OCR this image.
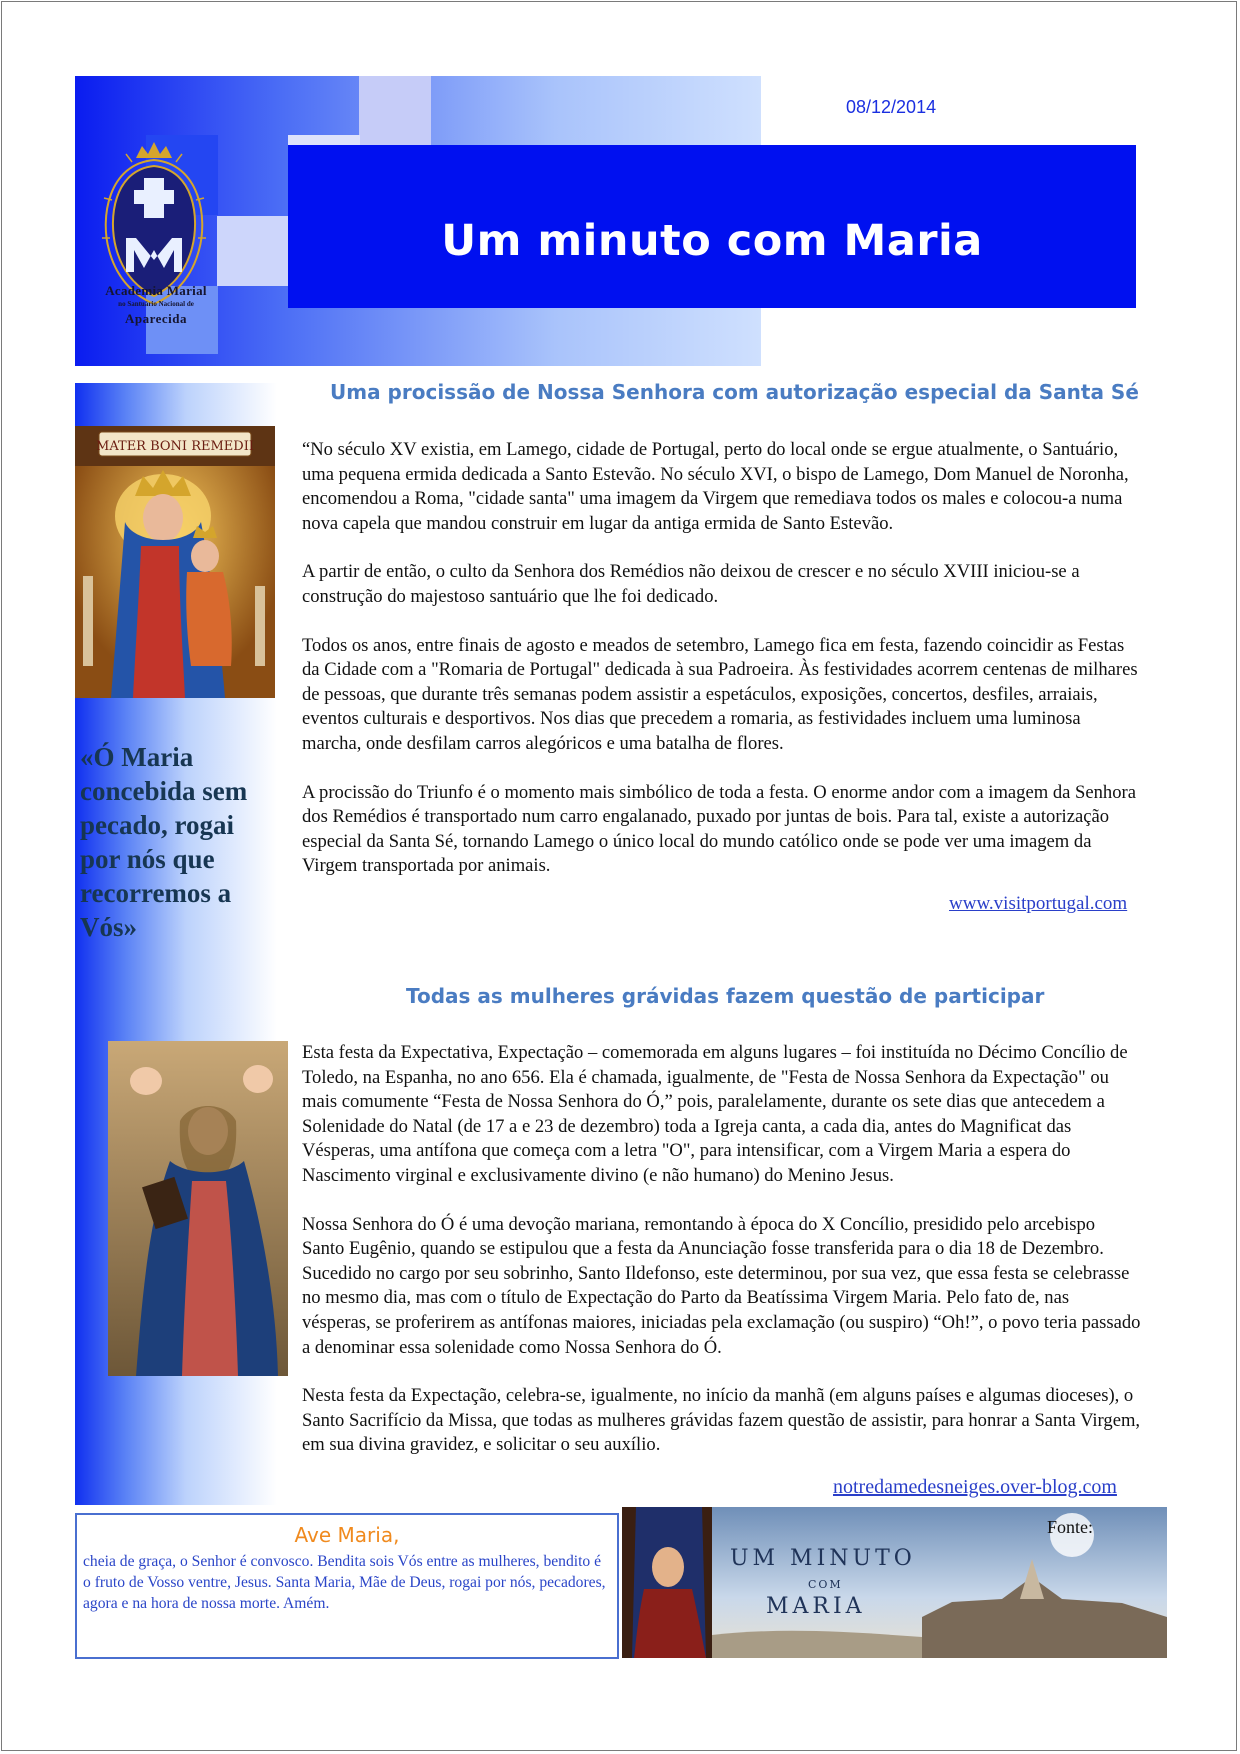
Um minuto com Maria
08/12/2014
Academia Marial
no Santuário Nacional de
Aparecida
MATER BONI REMEDII
«Ó Maria concebida sem pecado, rogai por nós que recorremos a Vós»
Uma procissão de Nossa Senhora com autorização especial da Santa Sé

“No século XV existia, em Lamego, cidade de Portugal, perto do local onde se ergue atualmente, o Santuário, uma pequena ermida dedicada a Santo Estevão. No século XVI, o bispo de Lamego, Dom Manuel de Noronha, encomendou a Roma, "cidade santa" uma imagem da Virgem que remediava todos os males e colocou-a numa nova capela que mandou construir em lugar da antiga ermida de Santo Estevão.

A partir de então, o culto da Senhora dos Remédios não deixou de crescer e no século XVIII iniciou-se a construção do majestoso santuário que lhe foi dedicado.

Todos os anos, entre finais de agosto e meados de setembro, Lamego fica em festa, fazendo coincidir as Festas da Cidade com a "Romaria de Portugal" dedicada à sua Padroeira. Às festividades acorrem centenas de milhares de pessoas, que durante três semanas podem assistir a espetáculos, exposições, concertos, desfiles, arraiais, eventos culturais e desportivos. Nos dias que precedem a romaria, as festividades incluem uma luminosa marcha, onde desfilam carros alegóricos e uma batalha de flores.

A procissão do Triunfo é o momento mais simbólico de toda a festa. O enorme andor com a imagem da Senhora dos Remédios é transportado num carro engalanado, puxado por juntas de bois. Para tal, existe a autorização especial da Santa Sé, tornando Lamego o único local do mundo católico onde se pode ver uma imagem da Virgem transportada por animais.

www.visitportugal.com
Todas as mulheres grávidas fazem questão de participar

Esta festa da Expectativa, Expectação – comemorada em alguns lugares – foi instituída no Décimo Concílio de Toledo, na Espanha, no ano 656. Ela é chamada, igualmente, de "Festa de Nossa Senhora da Expectação" ou mais comumente “Festa de Nossa Senhora do Ó,” pois, paralelamente, durante os sete dias que antecedem a Solenidade do Natal (de 17 a e 23 de dezembro) toda a Igreja canta, a cada dia, antes do Magnificat das Vésperas, uma antífona que começa com a letra "O", para intensificar, com a Virgem Maria a espera do Nascimento virginal e exclusivamente divino (e não humano) do Menino Jesus.

Nossa Senhora do Ó é uma devoção mariana, remontando à época do X Concílio, presidido pelo arcebispo Santo Eugênio, quando se estipulou que a festa da Anunciação fosse transferida para o dia 18 de Dezembro. Sucedido no cargo por seu sobrinho, Santo Ildefonso, este determinou, por sua vez, que essa festa se celebrasse no mesmo dia, mas com o título de Expectação do Parto da Beatíssima Virgem Maria. Pelo fato de, nas vésperas, se proferirem as antífonas maiores, iniciadas pela exclamação (ou suspiro) “Oh!”, o povo teria passado a denominar essa solenidade como Nossa Senhora do Ó.

Nesta festa da Expectação, celebra-se, igualmente, no início da manhã (em alguns países e algumas dioceses), o Santo Sacrifício da Missa, que todas as mulheres grávidas fazem questão de assistir, para honrar a Santa Virgem, em sua divina gravidez, e solicitar o seu auxílio.

notredamedesneiges.over-blog.com
Ave Maria,
cheia de graça, o Senhor é convosco. Bendita sois Vós entre as mulheres, bendito é o fruto de Vosso ventre, Jesus. Santa Maria, Mãe de Deus, rogai por nós, pecadores, agora e na hora de nossa morte. Amém.
UM MINUTO
COM
MARIA
Fonte:
